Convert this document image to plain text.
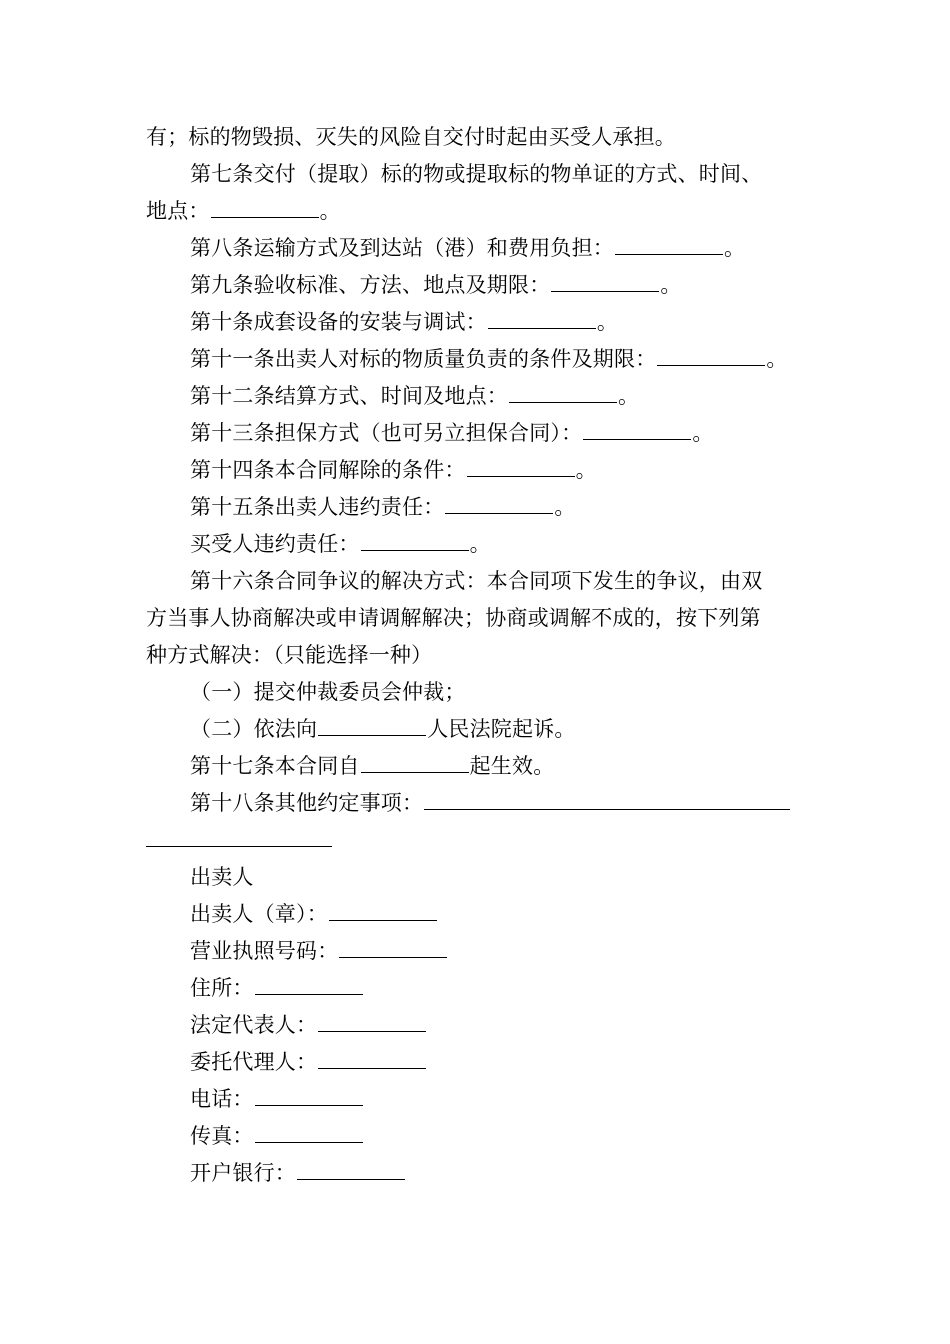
有；标的物毁损、灭失的风险自交付时起由买受人承担。
第七条交付（提取）标的物或提取标的物单证的方式、时间、
地点：	。
第八条运输方式及到达站（港）和费用负担：	。
第九条验收标准、方法、地点及期限：	。
第十条成套设备的安装与调试：	。
第十一条出卖人对标的物质量负责的条件及期限：	。
第十二条结算方式、时间及地点：	。
第十三条担保方式（也可另立担保合同）：	。
第十四条本合同解除的条件：	。
第十五条出卖人违约责任：	。
买受人违约责任：	。
第十六条合同争议的解决方式：本合同项下发生的争议，由双
方当事人协商解决或申请调解解决；协商或调解不成的，按下列第
种方式解决：（只能选择一种）
（一）提交仲裁委员会仲裁；
（二）依法向	人民法院起诉。
第十七条本合同自	起生效。
第十八条其他约定事项：
出卖人
出卖人（章）：
营业执照号码：
住所：
法定代表人：
委托代理人：
电话：
传真：
开户银行：
